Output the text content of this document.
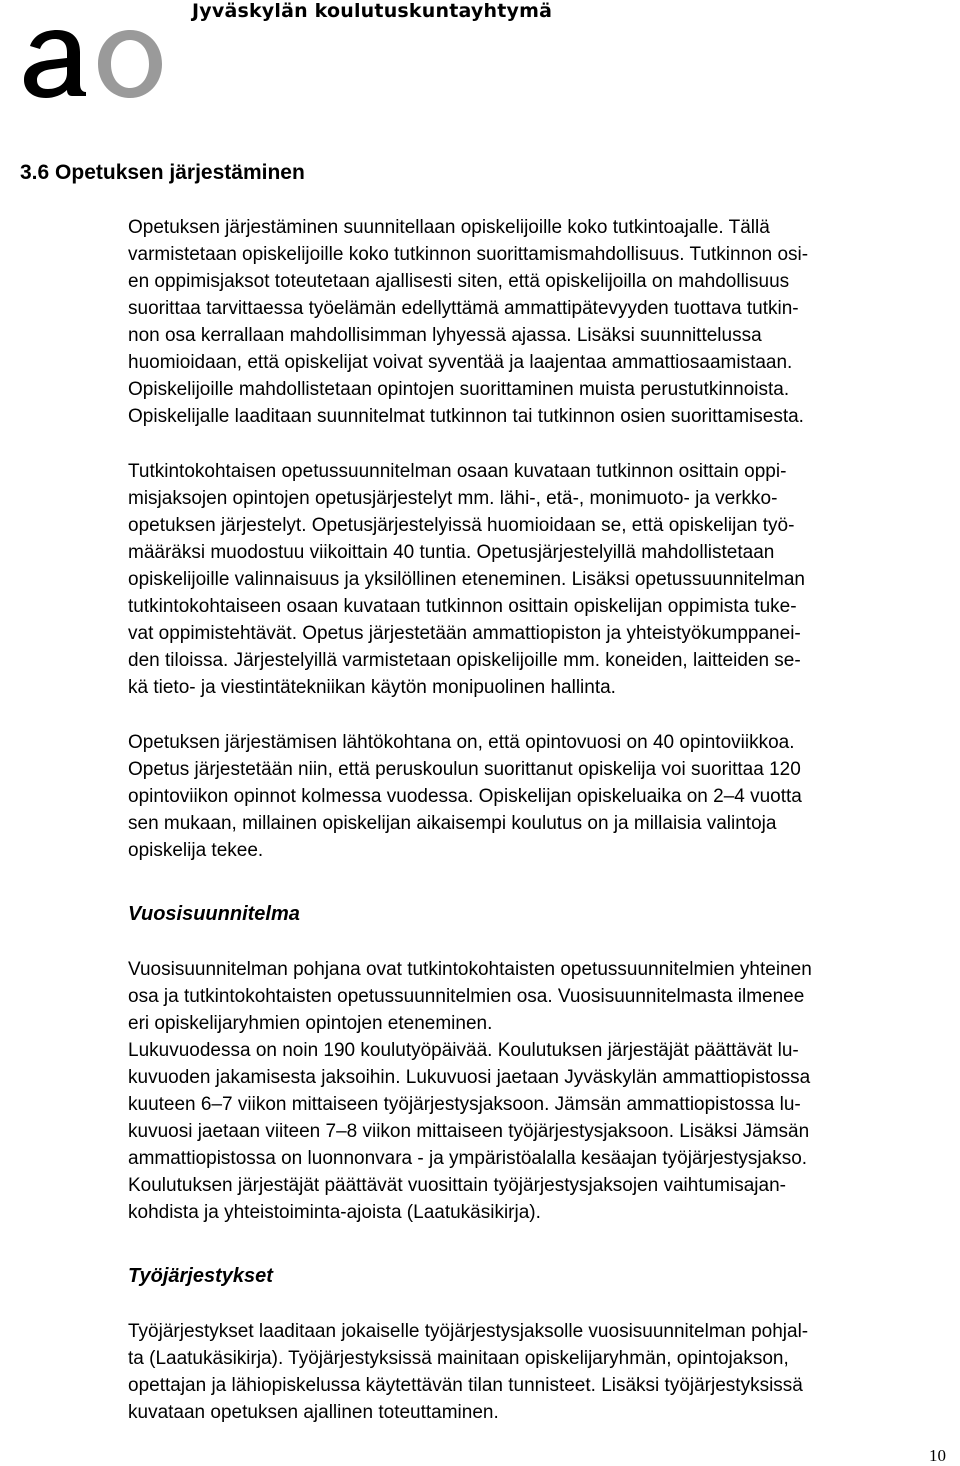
Jyväskylän koulutuskuntayhtymä
3.6 Opetuksen järjestäminen

Opetuksen järjestäminen suunnitellaan opiskelijoille koko tutkintoajalle. Tällä
varmistetaan opiskelijoille koko tutkinnon suorittamismahdollisuus. Tutkinnon osi-
en oppimisjaksot toteutetaan ajallisesti siten, että opiskelijoilla on mahdollisuus
suorittaa tarvittaessa työelämän edellyttämä ammattipätevyyden tuottava tutkin-
non osa kerrallaan mahdollisimman lyhyessä ajassa. Lisäksi suunnittelussa
huomioidaan, että opiskelijat voivat syventää ja laajentaa ammattiosaamistaan.
Opiskelijoille mahdollistetaan opintojen suorittaminen muista perustutkinnoista.
Opiskelijalle laaditaan suunnitelmat tutkinnon tai tutkinnon osien suorittamisesta.

Tutkintokohtaisen opetussuunnitelman osaan kuvataan tutkinnon osittain oppi-
misjaksojen opintojen opetusjärjestelyt mm. lähi-, etä-, monimuoto- ja verkko-
opetuksen järjestelyt. Opetusjärjestelyissä huomioidaan se, että opiskelijan työ-
määräksi muodostuu viikoittain 40 tuntia. Opetusjärjestelyillä mahdollistetaan
opiskelijoille valinnaisuus ja yksilöllinen eteneminen. Lisäksi opetussuunnitelman
tutkintokohtaiseen osaan kuvataan tutkinnon osittain opiskelijan oppimista tuke-
vat oppimistehtävät. Opetus järjestetään ammattiopiston ja yhteistyökumppanei-
den tiloissa. Järjestelyillä varmistetaan opiskelijoille mm. koneiden, laitteiden se-
kä tieto- ja viestintätekniikan käytön monipuolinen hallinta.

Opetuksen järjestämisen lähtökohtana on, että opintovuosi on 40 opintoviikkoa.
Opetus järjestetään niin, että peruskoulun suorittanut opiskelija voi suorittaa 120
opintoviikon opinnot kolmessa vuodessa. Opiskelijan opiskeluaika on 2–4 vuotta
sen mukaan, millainen opiskelijan aikaisempi koulutus on ja millaisia valintoja
opiskelija tekee.

Vuosisuunnitelma

Vuosisuunnitelman pohjana ovat tutkintokohtaisten opetussuunnitelmien yhteinen
osa ja tutkintokohtaisten opetussuunnitelmien osa. Vuosisuunnitelmasta ilmenee
eri opiskelijaryhmien opintojen eteneminen.
Lukuvuodessa on noin 190 koulutyöpäivää. Koulutuksen järjestäjät päättävät lu-
kuvuoden jakamisesta jaksoihin. Lukuvuosi jaetaan Jyväskylän ammattiopistossa
kuuteen 6–7 viikon mittaiseen työjärjestysjaksoon. Jämsän ammattiopistossa lu-
kuvuosi jaetaan viiteen 7–8 viikon mittaiseen työjärjestysjaksoon. Lisäksi Jämsän
ammattiopistossa on luonnonvara - ja ympäristöalalla kesäajan työjärjestysjakso.
Koulutuksen järjestäjät päättävät vuosittain työjärjestysjaksojen vaihtumisajan-
kohdista ja yhteistoiminta-ajoista (Laatukäsikirja).

Työjärjestykset

Työjärjestykset laaditaan jokaiselle työjärjestysjaksolle vuosisuunnitelman pohjal-
ta (Laatukäsikirja). Työjärjestyksissä mainitaan opiskelijaryhmän, opintojakson,
opettajan ja lähiopiskelussa käytettävän tilan tunnisteet. Lisäksi työjärjestyksissä
kuvataan opetuksen ajallinen toteuttaminen.

10
